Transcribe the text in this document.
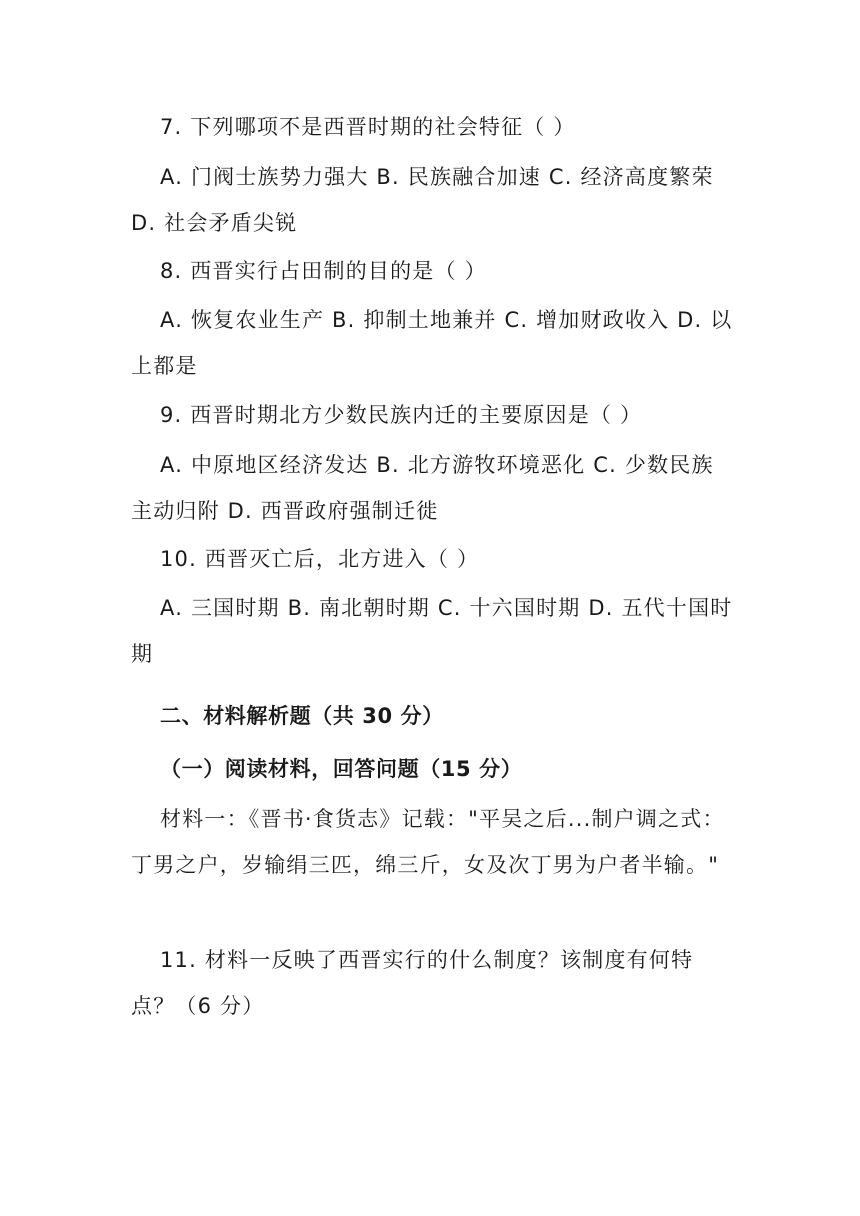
7. 下列哪项不是西晋时期的社会特征（ ）
A. 门阀士族势力强大 B. 民族融合加速 C. 经济高度繁荣 D. 社会矛盾尖锐
8. 西晋实行占田制的目的是（ ）
A. 恢复农业生产 B. 抑制土地兼并 C. 增加财政收入 D. 以上都是
9. 西晋时期北方少数民族内迁的主要原因是（ ）
A. 中原地区经济发达 B. 北方游牧环境恶化 C. 少数民族主动归附 D. 西晋政府强制迁徙
10. 西晋灭亡后，北方进入（ ）
A. 三国时期 B. 南北朝时期 C. 十六国时期 D. 五代十国时期
二、材料解析题（共 30 分）
（一）阅读材料，回答问题（15 分）
材料一：《晋书·食货志》记载："平吴之后...制户调之式：丁男之户，岁输绢三匹，绵三斤，女及次丁男为户者半输。"
11. 材料一反映了西晋实行的什么制度？该制度有何特点？（6 分）
